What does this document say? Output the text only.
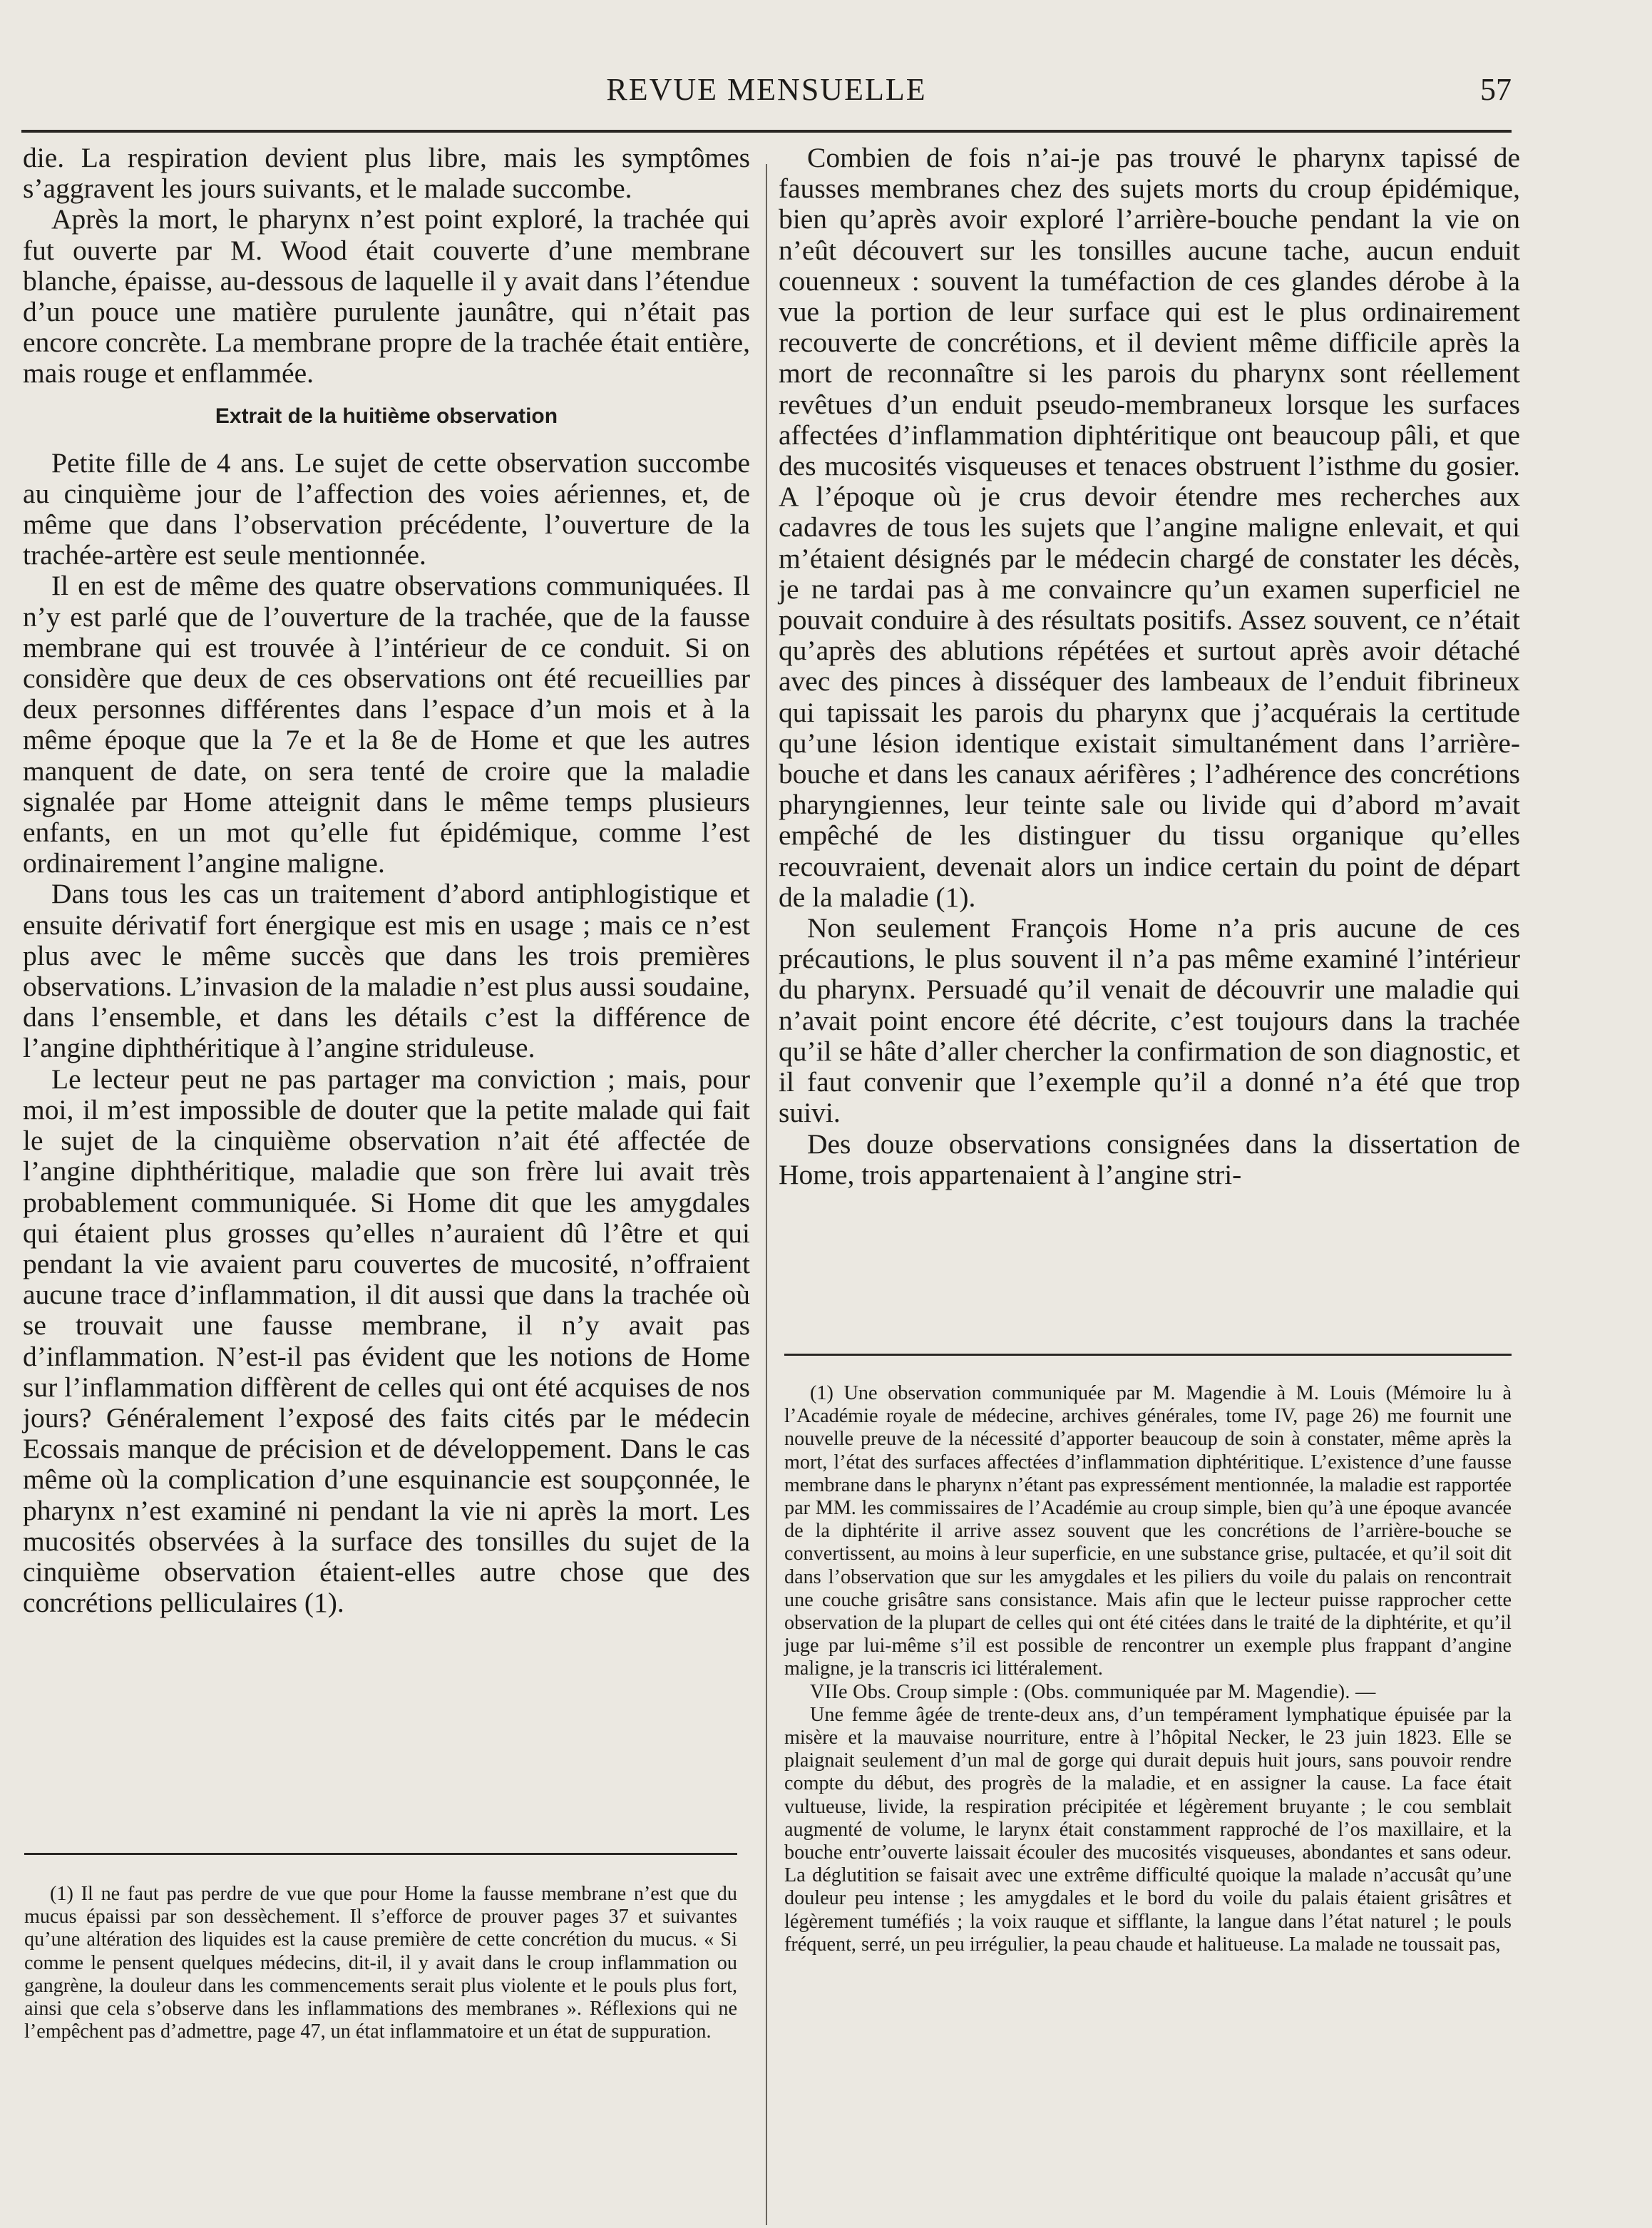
REVUE MENSUELLE	57

die. La respiration devient plus libre, mais les symptômes s’aggravent les jours suivants, et le malade succombe.

Après la mort, le pharynx n’est point exploré, la trachée qui fut ouverte par M. Wood était couverte d’une membrane blanche, épaisse, au-dessous de laquelle il y avait dans l’étendue d’un pouce une matière purulente jaunâtre, qui n’était pas encore concrète. La membrane propre de la trachée était entière, mais rouge et enflammée.

Extrait de la huitième observation

Petite fille de 4 ans. Le sujet de cette observation succombe au cinquième jour de l’affection des voies aériennes, et, de même que dans l’observation précédente, l’ouverture de la trachée-artère est seule mentionnée.

Il en est de même des quatre observations communiquées. Il n’y est parlé que de l’ouverture de la trachée, que de la fausse membrane qui est trouvée à l’intérieur de ce conduit. Si on considère que deux de ces observations ont été recueillies par deux personnes différentes dans l’espace d’un mois et à la même époque que la 7e et la 8e de Home et que les autres manquent de date, on sera tenté de croire que la maladie signalée par Home atteignit dans le même temps plusieurs enfants, en un mot qu’elle fut épidémique, comme l’est ordinairement l’angine maligne.

Dans tous les cas un traitement d’abord antiphlogistique et ensuite dérivatif fort énergique est mis en usage ; mais ce n’est plus avec le même succès que dans les trois premières observations. L’invasion de la maladie n’est plus aussi soudaine, dans l’ensemble, et dans les détails c’est la différence de l’angine diphthéritique à l’angine striduleuse.

Le lecteur peut ne pas partager ma conviction ; mais, pour moi, il m’est impossible de douter que la petite malade qui fait le sujet de la cinquième observation n’ait été affectée de l’angine diphthéritique, maladie que son frère lui avait très probablement communiquée. Si Home dit que les amygdales qui étaient plus grosses qu’elles n’auraient dû l’être et qui pendant la vie avaient paru couvertes de mucosité, n’offraient aucune trace d’inflammation, il dit aussi que dans la trachée où se trouvait une fausse membrane, il n’y avait pas d’inflammation. N’est-il pas évident que les notions de Home sur l’inflammation diffèrent de celles qui ont été acquises de nos jours? Généralement l’exposé des faits cités par le médecin Ecossais manque de précision et de développement. Dans le cas même où la complication d’une esquinancie est soupçonnée, le pharynx n’est examiné ni pendant la vie ni après la mort. Les mucosités observées à la surface des tonsilles du sujet de la cinquième observation étaient-elles autre chose que des concrétions pelliculaires (1).

Combien de fois n’ai-je pas trouvé le pharynx tapissé de fausses membranes chez des sujets morts du croup épidémique, bien qu’après avoir exploré l’arrière-bouche pendant la vie on n’eût découvert sur les tonsilles aucune tache, aucun enduit couenneux : souvent la tuméfaction de ces glandes dérobe à la vue la portion de leur surface qui est le plus ordinairement recouverte de concrétions, et il devient même difficile après la mort de reconnaître si les parois du pharynx sont réellement revêtues d’un enduit pseudo-membraneux lorsque les surfaces affectées d’inflammation diphtéritique ont beaucoup pâli, et que des mucosités visqueuses et tenaces obstruent l’isthme du gosier. A l’époque où je crus devoir étendre mes recherches aux cadavres de tous les sujets que l’angine maligne enlevait, et qui m’étaient désignés par le médecin chargé de constater les décès, je ne tardai pas à me convaincre qu’un examen superficiel ne pouvait conduire à des résultats positifs. Assez souvent, ce n’était qu’après des ablutions répétées et surtout après avoir détaché avec des pinces à disséquer des lambeaux de l’enduit fibrineux qui tapissait les parois du pharynx que j’acquérais la certitude qu’une lésion identique existait simultanément dans l’arrière-bouche et dans les canaux aérifères ; l’adhérence des concrétions pharyngiennes, leur teinte sale ou livide qui d’abord m’avait empêché de les distinguer du tissu organique qu’elles recouvraient, devenait alors un indice certain du point de départ de la maladie (1).

Non seulement François Home n’a pris aucune de ces précautions, le plus souvent il n’a pas même examiné l’intérieur du pharynx. Persuadé qu’il venait de découvrir une maladie qui n’avait point encore été décrite, c’est toujours dans la trachée qu’il se hâte d’aller chercher la confirmation de son diagnostic, et il faut convenir que l’exemple qu’il a donné n’a été que trop suivi.

Des douze observations consignées dans la dissertation de Home, trois appartenaient à l’angine stri-

(1) Il ne faut pas perdre de vue que pour Home la fausse membrane n’est que du mucus épaissi par son dessèchement. Il s’efforce de prouver pages 37 et suivantes qu’une altération des liquides est la cause première de cette concrétion du mucus. « Si comme le pensent quelques médecins, dit-il, il y avait dans le croup inflammation ou gangrène, la douleur dans les commencements serait plus violente et le pouls plus fort, ainsi que cela s’observe dans les inflammations des membranes ». Réflexions qui ne l’empêchent pas d’admettre, page 47, un état inflammatoire et un état de suppuration.

(1) Une observation communiquée par M. Magendie à M. Louis (Mémoire lu à l’Académie royale de médecine, archives générales, tome IV, page 26) me fournit une nouvelle preuve de la nécessité d’apporter beaucoup de soin à constater, même après la mort, l’état des surfaces affectées d’inflammation diphtéritique. L’existence d’une fausse membrane dans le pharynx n’étant pas expressément mentionnée, la maladie est rapportée par MM. les commissaires de l’Académie au croup simple, bien qu’à une époque avancée de la diphtérite il arrive assez souvent que les concrétions de l’arrière-bouche se convertissent, au moins à leur superficie, en une substance grise, pultacée, et qu’il soit dit dans l’observation que sur les amygdales et les piliers du voile du palais on rencontrait une couche grisâtre sans consistance. Mais afin que le lecteur puisse rapprocher cette observation de la plupart de celles qui ont été citées dans le traité de la diphtérite, et qu’il juge par lui-même s’il est possible de rencontrer un exemple plus frappant d’angine maligne, je la transcris ici littéralement.

VIIe Obs. Croup simple : (Obs. communiquée par M. Magendie). —

Une femme âgée de trente-deux ans, d’un tempérament lymphatique épuisée par la misère et la mauvaise nourriture, entre à l’hôpital Necker, le 23 juin 1823. Elle se plaignait seulement d’un mal de gorge qui durait depuis huit jours, sans pouvoir rendre compte du début, des progrès de la maladie, et en assigner la cause. La face était vultueuse, livide, la respiration précipitée et légèrement bruyante ; le cou semblait augmenté de volume, le larynx était constamment rapproché de l’os maxillaire, et la bouche entr’ouverte laissait écouler des mucosités visqueuses, abondantes et sans odeur. La déglutition se faisait avec une extrême difficulté quoique la malade n’accusât qu’une douleur peu intense ; les amygdales et le bord du voile du palais étaient grisâtres et légèrement tuméfiés ; la voix rauque et sifflante, la langue dans l’état naturel ; le pouls fréquent, serré, un peu irrégulier, la peau chaude et halitueuse. La malade ne toussait pas,
